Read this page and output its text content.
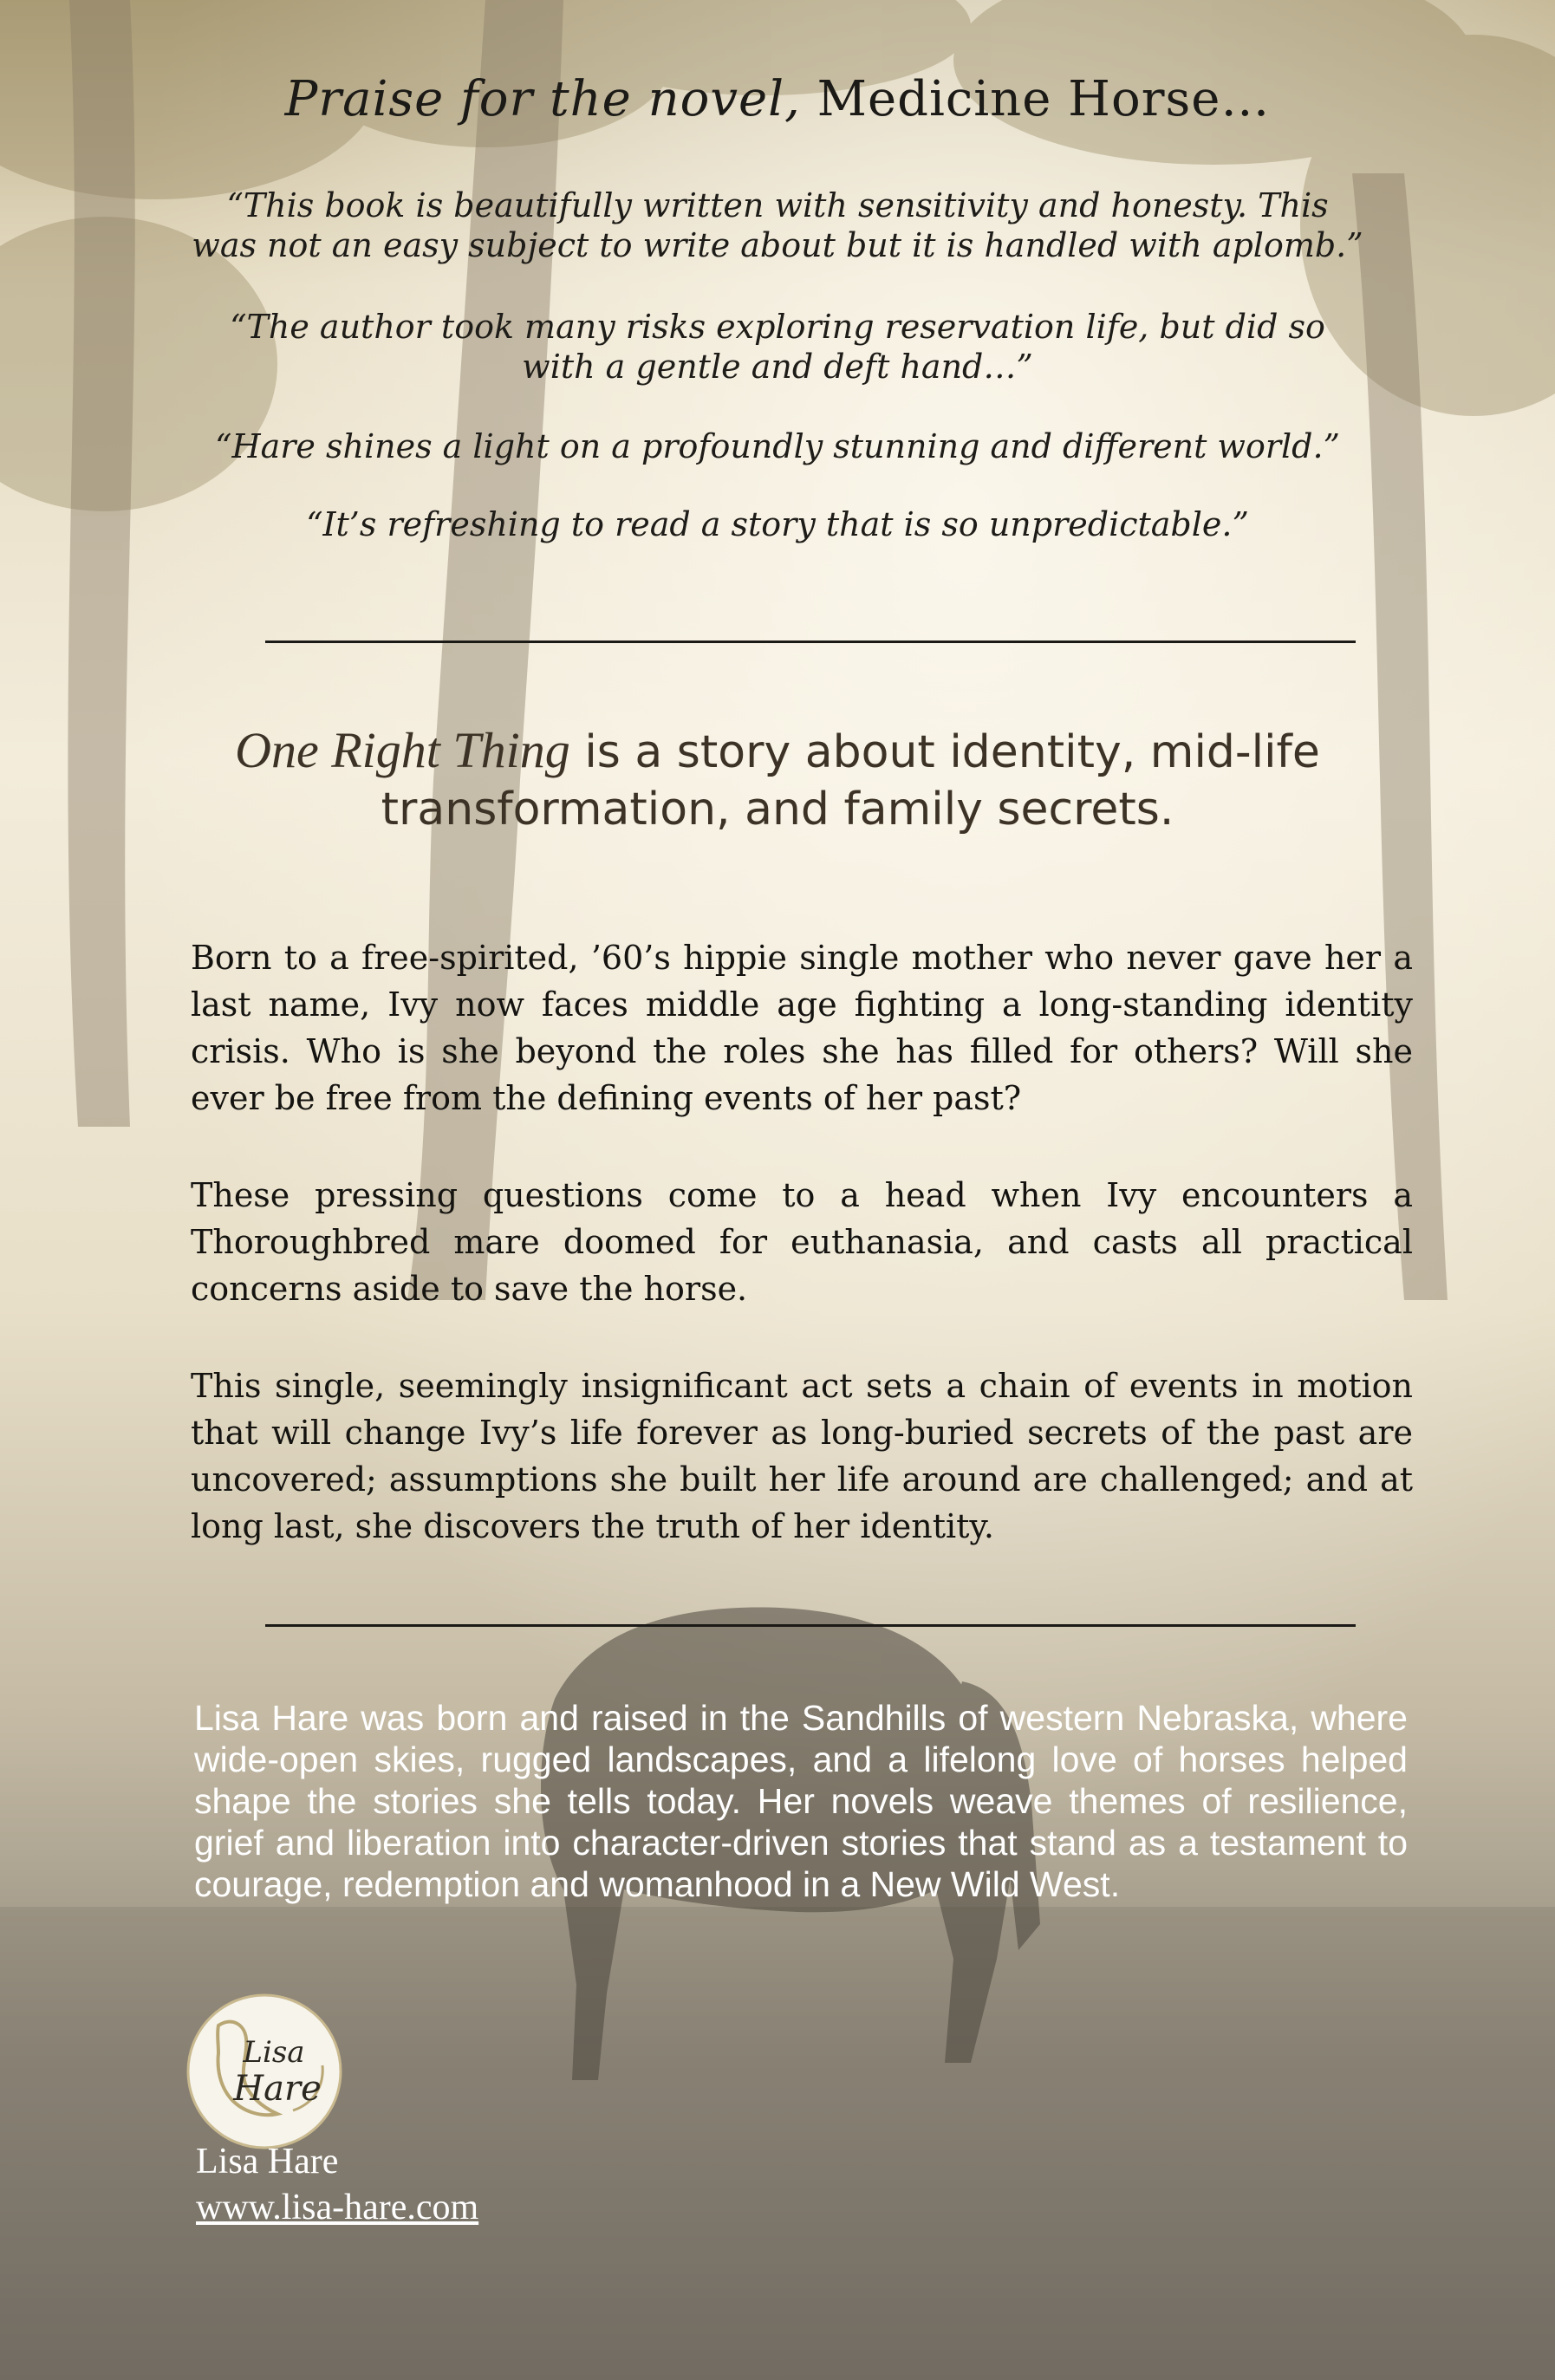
Praise for the novel, Medicine Horse…
“This book is beautifully written with sensitivity and honesty. This was not an easy subject to write about but it is handled with aplomb.”
“The author took many risks exploring reservation life, but did so with a gentle and deft hand…”
“Hare shines a light on a profoundly stunning and different world.”
“It’s refreshing to read a story that is so unpredictable.”
One Right Thing is a story about identity, mid-life transformation, and family secrets.
Born to a free-spirited, ’60’s hippie single mother who never gave her a last name, Ivy now faces middle age fighting a long-standing identity crisis. Who is she beyond the roles she has filled for others? Will she ever be free from the defining events of her past?
These pressing questions come to a head when Ivy encounters a Thoroughbred mare doomed for euthanasia, and casts all practical concerns aside to save the horse.
This single, seemingly insignificant act sets a chain of events in motion that will change Ivy’s life forever as long-buried secrets of the past are uncovered; assumptions she built her life around are challenged; and at long last, she discovers the truth of her identity.
Lisa Hare was born and raised in the Sandhills of western Nebraska, where wide-open skies, rugged landscapes, and a lifelong love of horses helped shape the stories she tells today. Her novels weave themes of resilience, grief and liberation into character-driven stories that stand as a testament to courage, redemption and womanhood in a New Wild West.
Lisa
Hare
Lisa Hare
www.lisa-hare.com
